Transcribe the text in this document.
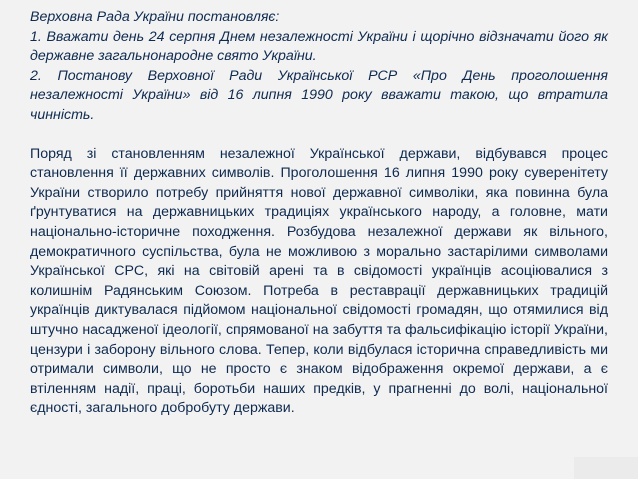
Верховна Рада України постановляє:

1. Вважати день 24 серпня Днем незалежності України і щорічно відзначати його як державне загальнонародне свято України.

2. Постанову Верховної Ради Української РСР «Про День проголошення незалежності України» від 16 липня 1990 року вважати такою, що втратила чинність.

Поряд зі становленням незалежної Української держави, відбувався процес становлення її державних символів. Проголошення 16 липня 1990 року суверенітету України створило потребу прийняття нової державної символіки, яка повинна була ґрунтуватися на державницьких традиціях українського народу, а головне, мати національно-історичне походження. Розбудова незалежної держави як вільного, демократичного суспільства, була не можливою з морально застарілими символами Української СРС, які на світовій арені та в свідомості українців асоціювалися з колишнім Радянським Союзом. Потреба в реставрації державницьких традицій українців диктувалася підйомом національної свідомості громадян, що отямилися від штучно насадженої ідеології, спрямованої на забуття та фальсифікацію історії України, цензури і заборону вільного слова. Тепер, коли відбулася історична справедливість ми отримали символи, що не просто є знаком відображення окремої держави, а є втіленням надії, праці, боротьби наших предків, у прагненні до волі, національної єдності, загального добробуту держави.
